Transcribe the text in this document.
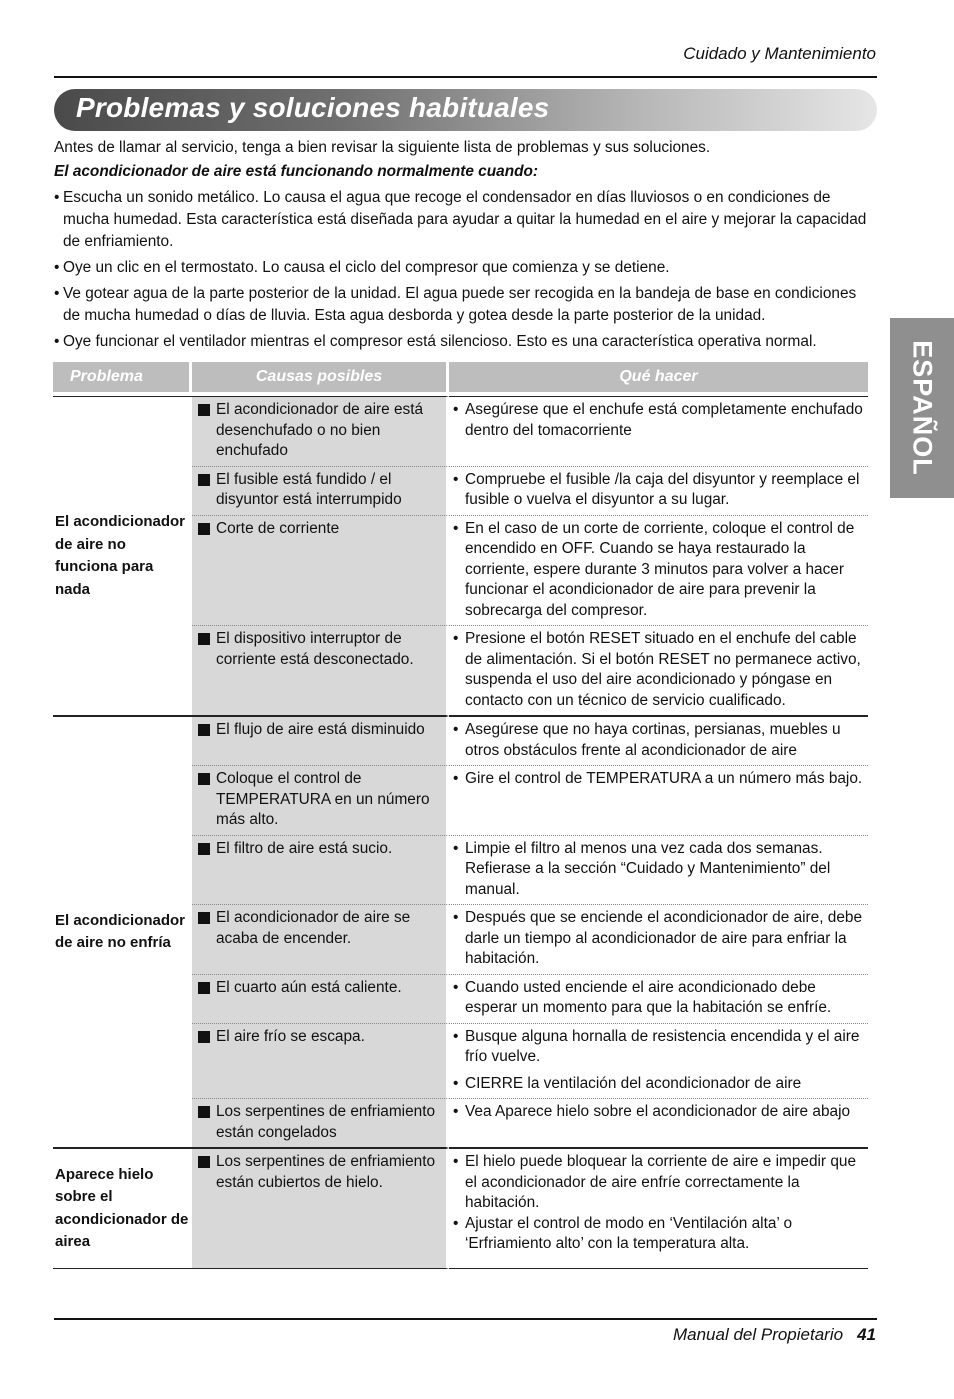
Cuidado y Mantenimiento
Problemas y soluciones habituales
ESPAÑOL

Antes de llamar al servicio, tenga a bien revisar la siguiente lista de problemas y sus soluciones.

El acondicionador de aire está funcionando normalmente cuando:

• Escucha un sonido metálico. Lo causa el agua que recoge el condensador en días lluviosos o en condiciones de mucha humedad. Esta característica está diseñada para ayudar a quitar la humedad en el aire y mejorar la capacidad de enfriamiento.
• Oye un clic en el termostato. Lo causa el ciclo del compresor que comienza y se detiene.
• Ve gotear agua de la parte posterior de la unidad. El agua puede ser recogida en la bandeja de base en condiciones de mucha humedad o días de lluvia. Esta agua desborda y gotea desde la parte posterior de la unidad.
• Oye funcionar el ventilador mientras el compresor está silencioso. Esto es una característica operativa normal.
Problema	Causas posibles	Qué hacer
El acondicionador de aire no funciona para nada	El acondicionador de aire está desenchufado o no bien enchufado	• Asegúrese que el enchufe está completamente enchufado dentro del tomacorriente

El fusible está fundido / el disyuntor está interrumpido	• Compruebe el fusible /la caja del disyuntor y reemplace el fusible o vuelva el disyuntor a su lugar.

Corte de corriente	• En el caso de un corte de corriente, coloque el control de encendido en OFF. Cuando se haya restaurado la corriente, espere durante 3 minutos para volver a hacer funcionar el acondicionador de aire para prevenir la sobrecarga del compresor.

El dispositivo interruptor de corriente está desconectado.	• Presione el botón RESET situado en el enchufe del cable de alimentación. Si el botón RESET no permanece activo, suspenda el uso del aire acondicionado y póngase en contacto con un técnico de servicio cualificado.

El acondicionador de aire no enfría	El flujo de aire está disminuido	• Asegúrese que no haya cortinas, persianas, muebles u otros obstáculos frente al acondicionador de aire

Coloque el control de TEMPERATURA en un número más alto.	• Gire el control de TEMPERATURA a un número más bajo.

El filtro de aire está sucio.	• Limpie el filtro al menos una vez cada dos semanas. Refierase a la sección “Cuidado y Mantenimiento” del manual.

El acondicionador de aire se acaba de encender.	• Después que se enciende el acondicionador de aire, debe darle un tiempo al acondicionador de aire para enfriar la habitación.

El cuarto aún está caliente.	• Cuando usted enciende el aire acondicionado debe esperar un momento para que la habitación se enfríe.

El aire frío se escapa.	• Busque alguna hornalla de resistencia encendida y el aire frío vuelve.
• CIERRE la ventilación del acondicionador de aire

Los serpentines de enfriamiento están congelados	• Vea Aparece hielo sobre el acondicionador de aire abajo

Aparece hielo sobre el acondicionador de airea	Los serpentines de enfriamiento están cubiertos de hielo.	• El hielo puede bloquear la corriente de aire e impedir que el acondicionador de aire enfríe correctamente la habitación.
• Ajustar el control de modo en ‘Ventilación alta’ o ‘Erfriamiento alto’ con la temperatura alta.
Manual del Propietario 41
